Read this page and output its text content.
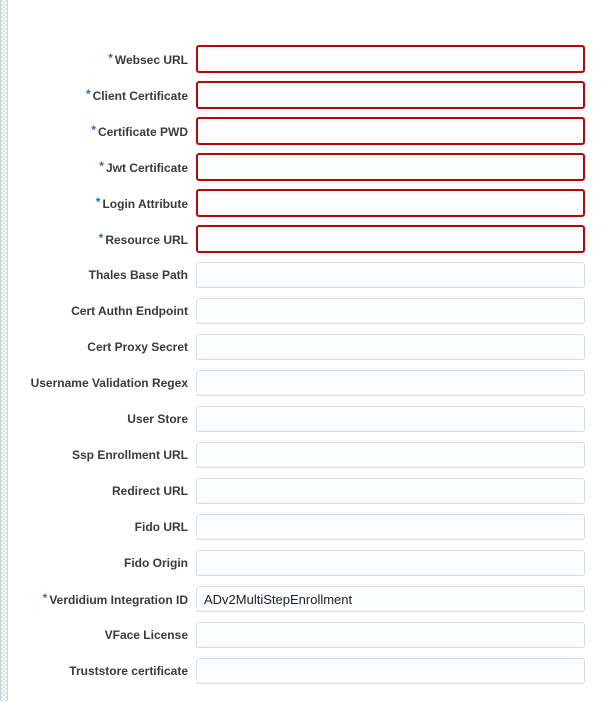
* Websec URL
* Client Certificate
* Certificate PWD
* Jwt Certificate
* Login Attribute
* Resource URL
Thales Base Path
Cert Authn Endpoint
Cert Proxy Secret
Username Validation Regex
User Store
Ssp Enrollment URL
Redirect URL
Fido URL
Fido Origin
* Verdidium Integration ID
ADv2MultiStepEnrollment
VFace License
Truststore certificate
